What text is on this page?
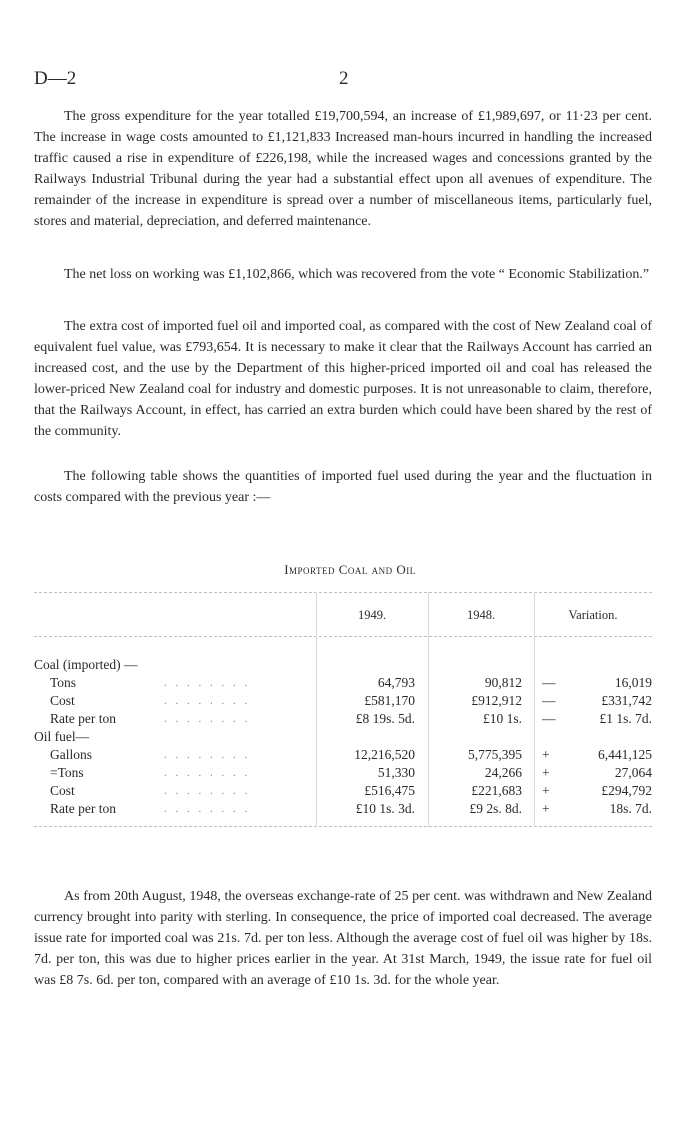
D—2	2

The gross expenditure for the year totalled £19,700,594, an increase of £1,989,697, or 11·23 per cent. The increase in wage costs amounted to £1,121,833 Increased man-hours incurred in handling the increased traffic caused a rise in expenditure of £226,198, while the increased wages and concessions granted by the Railways Industrial Tribunal during the year had a substantial effect upon all avenues of expenditure. The remainder of the increase in expenditure is spread over a number of miscellaneous items, particularly fuel, stores and material, depreciation, and deferred maintenance.

The net loss on working was £1,102,866, which was recovered from the vote “ Economic Stabilization.”

The extra cost of imported fuel oil and imported coal, as compared with the cost of New Zealand coal of equivalent fuel value, was £793,654. It is necessary to make it clear that the Railways Account has carried an increased cost, and the use by the Department of this higher-priced imported oil and coal has released the lower-priced New Zealand coal for industry and domestic purposes. It is not unreasonable to claim, therefore, that the Railways Account, in effect, has carried an extra burden which could have been shared by the rest of the community.

The following table shows the quantities of imported fuel used during the year and the fluctuation in costs compared with the previous year :—

Imported Coal and Oil
1949.	1948.	Variation.
Coal (imported) —
Tons	. . . . . . . .	64,793	90,812 —	16,019
Cost	. . . . . . . .	£581,170	£912,912 —	£331,742
Rate per ton	. . . . . . . .	£8 19s. 5d.	£10 1s. —	£1 1s. 7d.
Oil fuel—
Gallons	. . . . . . . .	12,216,520	5,775,395 +	6,441,125
=Tons	. . . . . . . .	51,330	24,266 +	27,064
Cost	. . . . . . . .	£516,475	£221,683 +	£294,792
Rate per ton	. . . . . . . .	£10 1s. 3d.	£9 2s. 8d. +	18s. 7d.

As from 20th August, 1948, the overseas exchange-rate of 25 per cent. was withdrawn and New Zealand currency brought into parity with sterling. In consequence, the price of imported coal decreased. The average issue rate for imported coal was 21s. 7d. per ton less. Although the average cost of fuel oil was higher by 18s. 7d. per ton, this was due to higher prices earlier in the year. At 31st March, 1949, the issue rate for fuel oil was £8 7s. 6d. per ton, compared with an average of £10 1s. 3d. for the whole year.
